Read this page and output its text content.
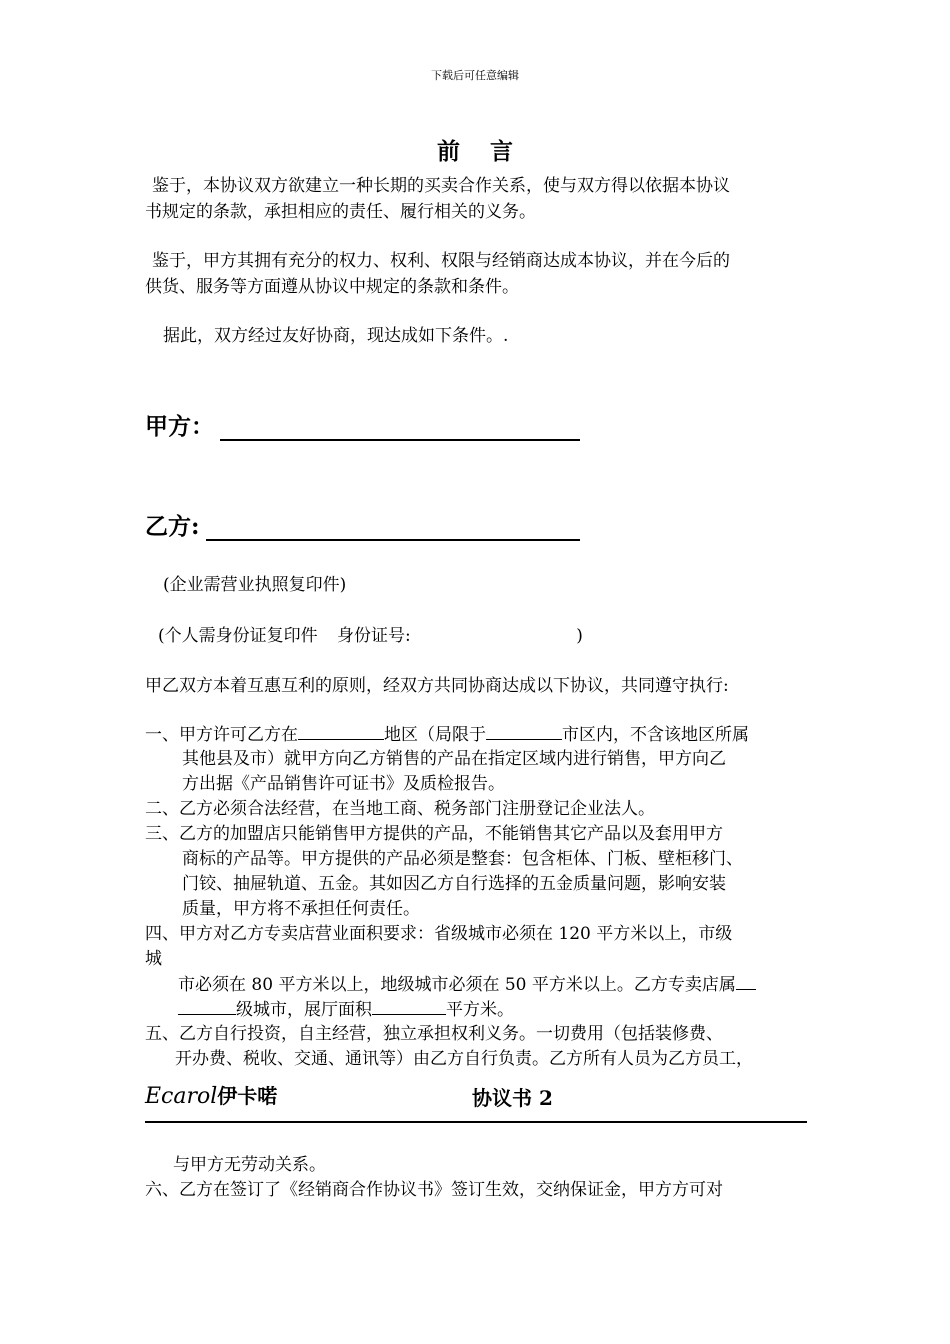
下载后可任意编辑
前言
鉴于，本协议双方欲建立一种长期的买卖合作关系，使与双方得以依据本协议
书规定的条款，承担相应的责任、履行相关的义务。
鉴于，甲方其拥有充分的权力、权利、权限与经销商达成本协议，并在今后的
供货、服务等方面遵从协议中规定的条款和条件。
据此，双方经过友好协商，现达成如下条件。.
甲方：
乙方:
(企业需营业执照复印件)
(个人需身份证复印件 身份证号:	)
甲乙双方本着互惠互利的原则，经双方共同协商达成以下协议，共同遵守执行:
一、甲方许可乙方在	地区（局限于	市区内，不含该地区所属
其他县及市）就甲方向乙方销售的产品在指定区域内进行销售，甲方向乙
方出据《产品销售许可证书》及质检报告。
二、乙方必须合法经营，在当地工商、税务部门注册登记企业法人。
三、乙方的加盟店只能销售甲方提供的产品，不能销售其它产品以及套用甲方
商标的产品等。甲方提供的产品必须是整套：包含柜体、门板、壁柜移门、
门铰、抽屉轨道、五金。其如因乙方自行选择的五金质量问题，影响安装
质量，甲方将不承担任何责任。
四、甲方对乙方专卖店营业面积要求：省级城市必须在 120 平方米以上，市级
城
市必须在 80 平方米以上，地级城市必须在 50 平方米以上。乙方专卖店属
级城市，展厅面积	平方米。
五、乙方自行投资，自主经营，独立承担权利义务。一切费用（包括装修费、
开办费、税收、交通、通讯等）由乙方自行负责。乙方所有人员为乙方员工，
Ecarol伊卡喏	协议书 2
与甲方无劳动关系。
六、乙方在签订了《经销商合作协议书》签订生效，交纳保证金，甲方方可对
